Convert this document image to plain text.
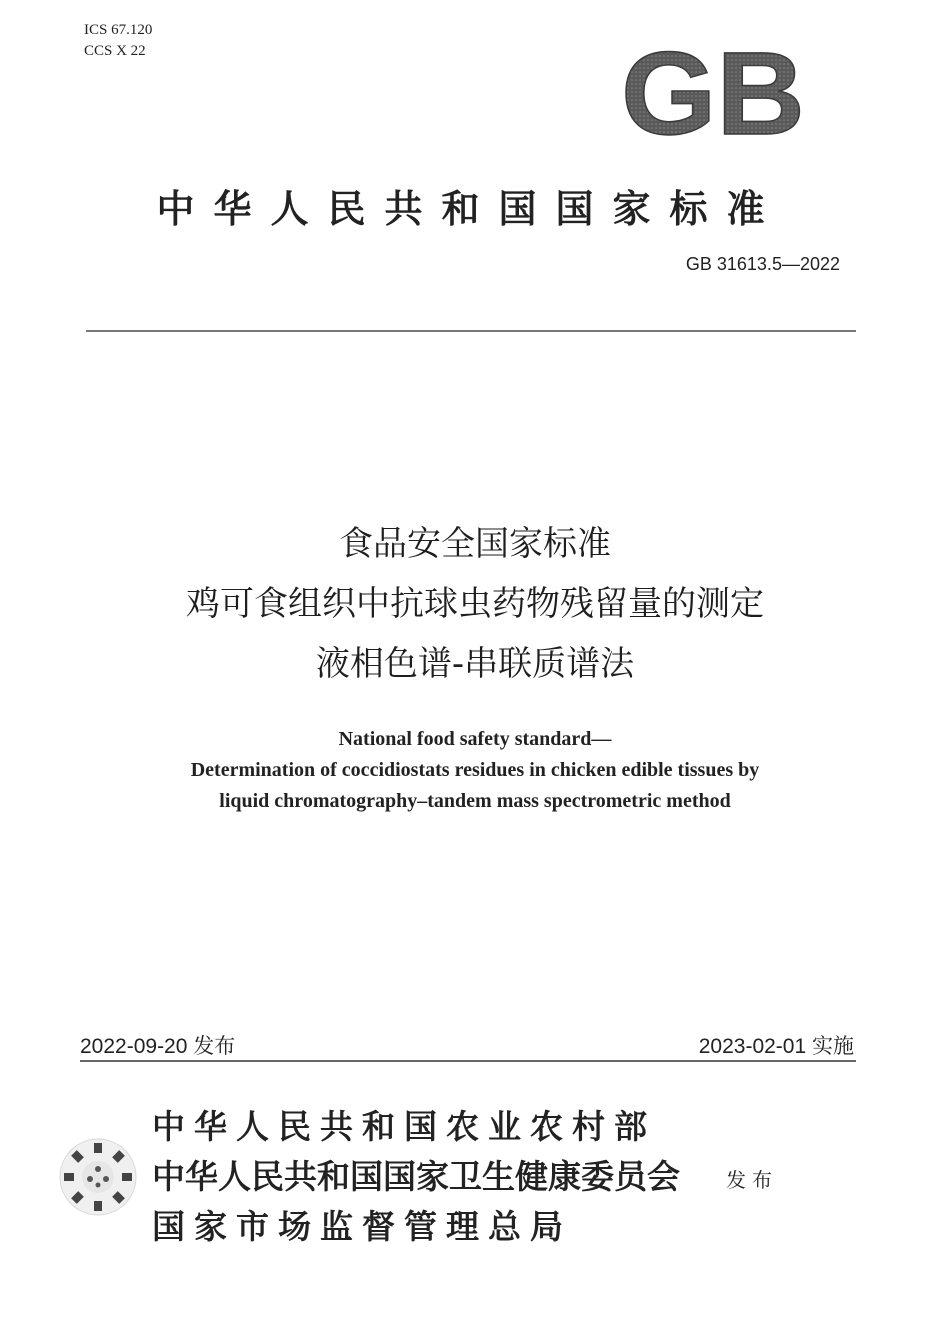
ICS 67.120
CCS X 22	GB
中华人民共和国国家标准
GB 31613.5—2022
食品安全国家标准
鸡可食组织中抗球虫药物残留量的测定
液相色谱-串联质谱法
National food safety standard—
Determination of coccidiostats residues in chicken edible tissues by
liquid chromatography–tandem mass spectrometric method
2022-09-20 发布	2023-02-01 实施
中华人民共和国农业农村部
中华人民共和国国家卫生健康委员会
国家市场监督管理总局
发布
